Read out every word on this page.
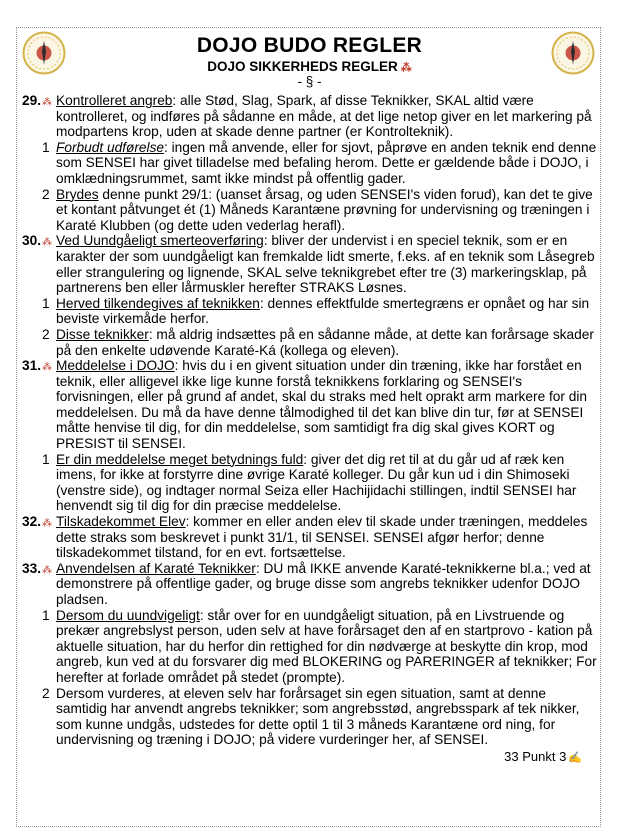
DOJO BUDO REGLER
DOJO SIKKERHEDS REGLER ⁂
- § -

29.⁂ Kontrolleret angreb: alle Stød, Slag, Spark, af disse Teknikker, SKAL altid være kontrolleret, og indføres på sådanne en måde, at det lige netop giver en let markering på modpartens krop, uden at skade denne partner (er Kontrolteknik).

1 Forbudt udførelse: ingen må anvende, eller for sjovt, påprøve en anden teknik end denne som SENSEI har givet tilladelse med befaling herom. Dette er gældende både i DOJO, i omklædningsrummet, samt ikke mindst på offentlig gader.

2 Brydes denne punkt 29/1: (uanset årsag, og uden SENSEI's viden forud), kan det te give et kontant påtvunget ét (1) Måneds Karantæne prøvning for undervisning og træningen i Karaté Klubben (og dette uden vederlag herafl).

30.⁂ Ved Uundgåeligt smerteoverføring: bliver der undervist i en speciel teknik, som er en karakter der som uundgåeligt kan fremkalde lidt smerte, f.eks. af en teknik som Låsegreb eller strangulering og lignende, SKAL selve teknikgrebet efter tre (3) markeringsklap, på partnerens ben eller lårmuskler herefter STRAKS Løsnes.

1 Herved tilkendegives af teknikken: dennes effektfulde smertegræns er opnået og har sin beviste virkemåde herfor.

2 Disse teknikker: må aldrig indsættes på en sådanne måde, at dette kan forårsage skader på den enkelte udøvende Karaté-Ká (kollega og eleven).

31.⁂ Meddelelse i DOJO: hvis du i en givent situation under din træning, ikke har forstået en teknik, eller alligevel ikke lige kunne forstå teknikkens forklaring og SENSEI's forvisningen, eller på grund af andet, skal du straks med helt oprakt arm markere for din meddelelsen. Du må da have denne tålmodighed til det kan blive din tur, før at SENSEI måtte henvise til dig, for din meddelelse, som samtidigt fra dig skal gives KORT og PRESIST til SENSEI.

1 Er din meddelelse meget betydnings fuld: giver det dig ret til at du går ud af ræk ken imens, for ikke at forstyrre dine øvrige Karaté kolleger. Du går kun ud i din Shimoseki (venstre side), og indtager normal Seiza eller Hachijidachi stillingen, indtil SENSEI har henvendt sig til dig for din præcise meddelelse.

32.⁂ Tilskadekommet Elev: kommer en eller anden elev til skade under træningen, meddeles dette straks som beskrevet i punkt 31/1, til SENSEI. SENSEI afgør herfor; denne tilskadekommet tilstand, for en evt. fortsættelse.

33.⁂ Anvendelsen af Karaté Teknikker: DU må IKKE anvende Karaté-teknikkerne bl.a.; ved at demonstrere på offentlige gader, og bruge disse som angrebs teknikker udenfor DOJO pladsen.

1 Dersom du uundvigeligt: står over for en uundgåeligt situation, på en Livstruende og prekær angrebslyst person, uden selv at have forårsaget den af en startprovo - kation på aktuelle situation, har du herfor din rettighed for din nødværge at beskytte din krop, mod angreb, kun ved at du forsvarer dig med BLOKERING og PARERINGER af teknikker; For herefter at forlade området på stedet (prompte).

2 Dersom vurderes, at eleven selv har forårsaget sin egen situation, samt at denne samtidig har anvendt angrebs teknikker; som angrebsstød, angrebsspark af tek nikker, som kunne undgås, udstedes for dette optil 1 til 3 måneds Karantæne ord ning, for undervisning og træning i DOJO; på videre vurderinger her, af SENSEI.

33 Punkt 3 ✍
